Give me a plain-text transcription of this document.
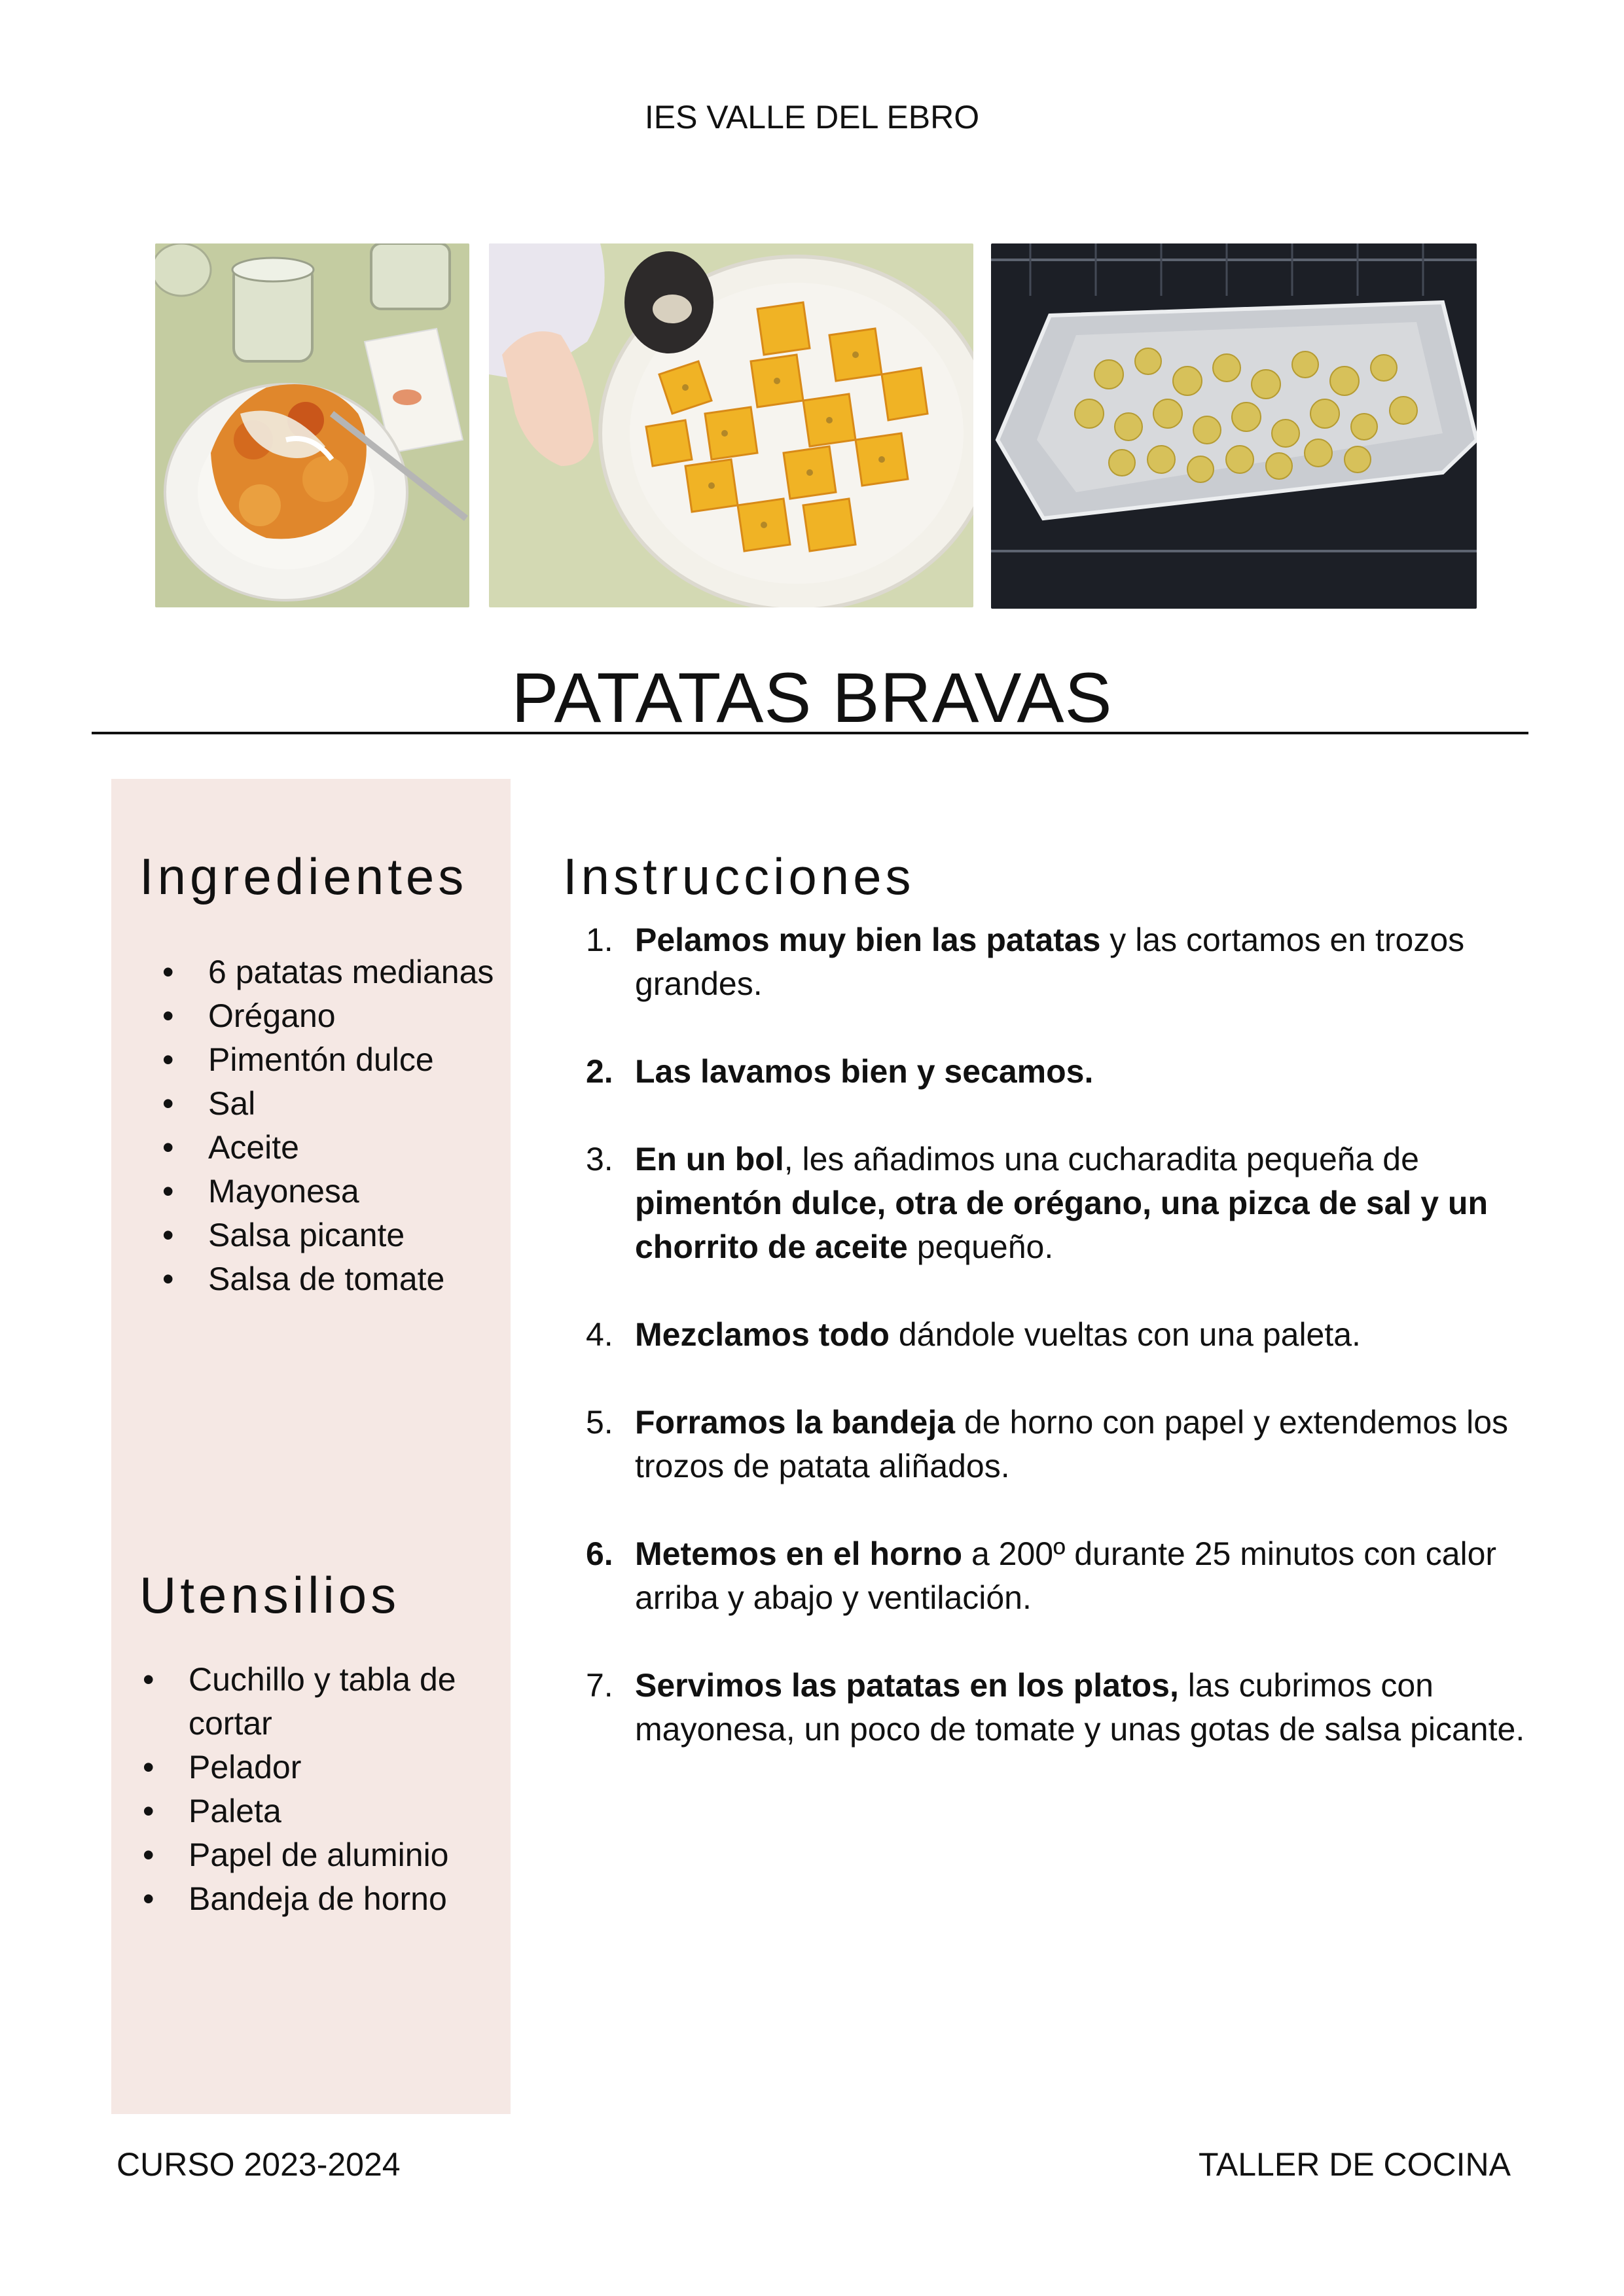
IES VALLE DEL EBRO
PATATAS BRAVAS
Ingredientes
• 6 patatas medianas
• Orégano
• Pimentón dulce
• Sal
• Aceite
• Mayonesa
• Salsa picante
• Salsa de tomate
Utensilios
• Cuchillo y tabla de cortar
• Pelador
• Paleta
• Papel de aluminio
• Bandeja de horno
Instrucciones
1. Pelamos muy bien las patatas y las cortamos en trozos grandes.
2. Las lavamos bien y secamos.
3. En un bol, les añadimos una cucharadita pequeña de pimentón dulce, otra de orégano, una pizca de sal y un chorrito de aceite pequeño.
4. Mezclamos todo dándole vueltas con una paleta.
5. Forramos la bandeja de horno con papel y extendemos los trozos de patata aliñados.
6. Metemos en el horno a 200º durante 25 minutos con calor arriba y abajo y ventilación.
7. Servimos las patatas en los platos, las cubrimos con mayonesa, un poco de tomate y unas gotas de salsa picante.
CURSO 2023-2024	TALLER DE COCINA
